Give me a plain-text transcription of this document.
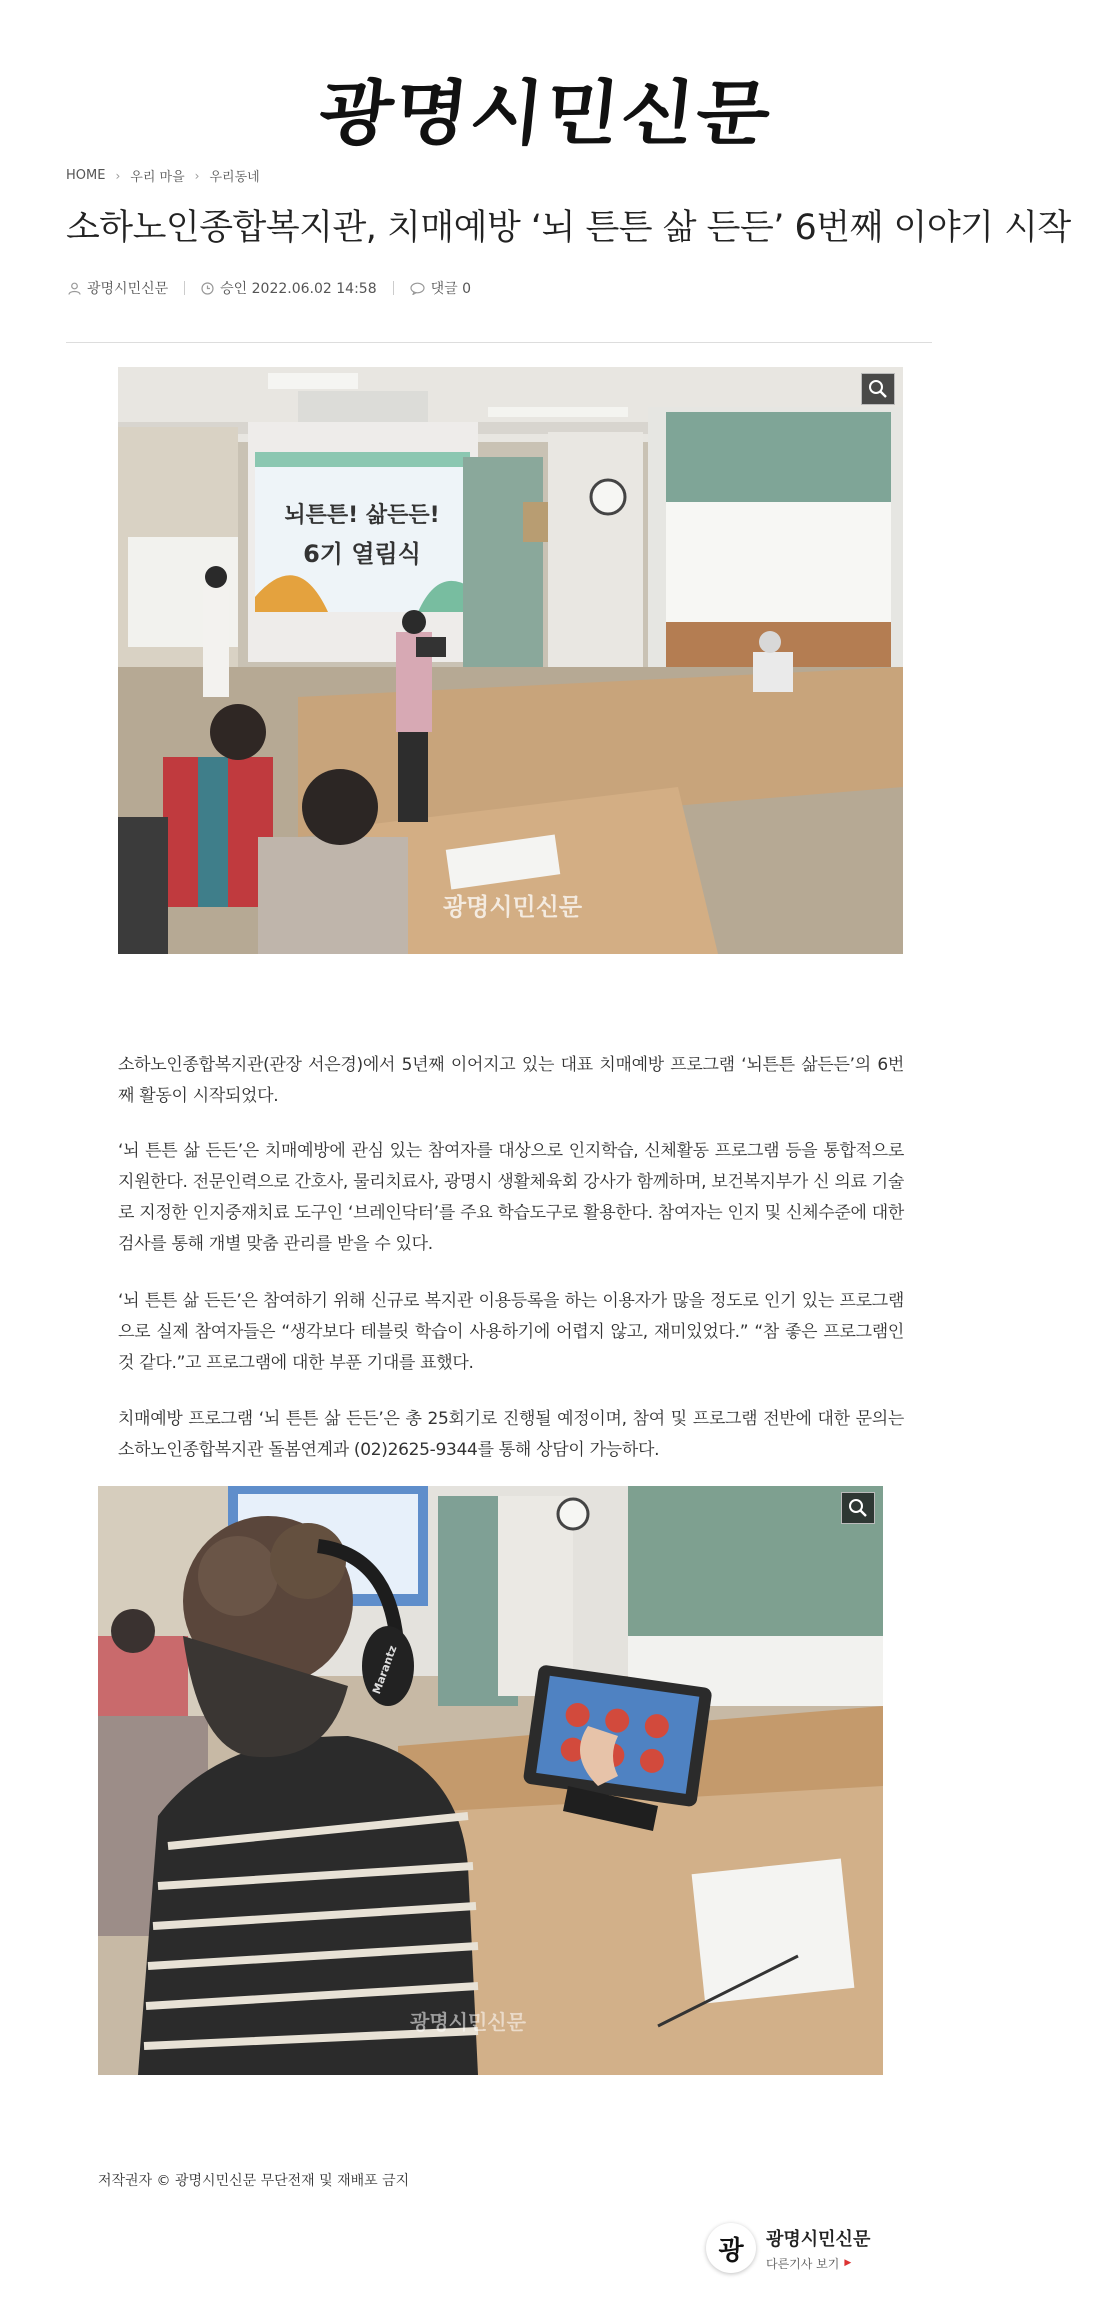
광명시민신문
HOME › 우리 마을 › 우리동네
소하노인종합복지관, 치매예방 ‘뇌 튼튼 삶 든든’ 6번째 이야기 시작
광명시민신문	승인 2022.06.02 14:58	댓글 0
뇌튼튼! 삶든든!
6기 열림식
광명시민신문

소하노인종합복지관(관장 서은경)에서 5년째 이어지고 있는 대표 치매예방 프로그램 ‘뇌튼튼 삶든든’의 6번째 활동이 시작되었다.

‘뇌 튼튼 삶 든든’은 치매예방에 관심 있는 참여자를 대상으로 인지학습, 신체활동 프로그램 등을 통합적으로 지원한다. 전문인력으로 간호사, 물리치료사, 광명시 생활체육회 강사가 함께하며, 보건복지부가 신 의료 기술로 지정한 인지중재치료 도구인 ‘브레인닥터’를 주요 학습도구로 활용한다. 참여자는 인지 및 신체수준에 대한 검사를 통해 개별 맞춤 관리를 받을 수 있다.

‘뇌 튼튼 삶 든든’은 참여하기 위해 신규로 복지관 이용등록을 하는 이용자가 많을 정도로 인기 있는 프로그램으로 실제 참여자들은 “생각보다 테블릿 학습이 사용하기에 어렵지 않고, 재미있었다.” “참 좋은 프로그램인 것 같다.”고 프로그램에 대한 부푼 기대를 표했다.

치매예방 프로그램 ‘뇌 튼튼 삶 든든’은 총 25회기로 진행될 예정이며, 참여 및 프로그램 전반에 대한 문의는 소하노인종합복지관 돌봄연계과 (02)2625-9344를 통해 상담이 가능하다.

Marantz
광명시민신문
저작권자 © 광명시민신문 무단전재 및 재배포 금지
광	광명시민신문
다른기사 보기 ▶
